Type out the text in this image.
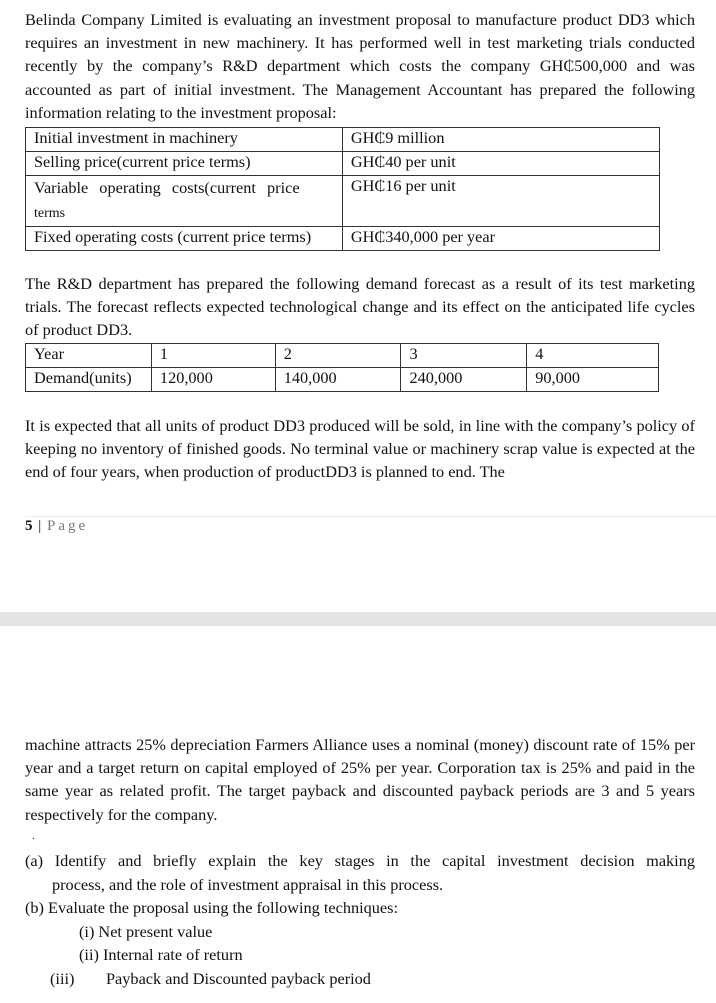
Belinda Company Limited is evaluating an investment proposal to manufacture product DD3 which requires an investment in new machinery. It has performed well in test marketing trials conducted recently by the company’s R&D department which costs the company GH₵500,000 and was accounted as part of initial investment. The Management Accountant has prepared the following information relating to the investment proposal:

Initial investment in machinery	GH₵9 million
Selling price(current price terms)	GH₵40 per unit
Variable operating costs(current price
terms	GH₵16 per unit
Fixed operating costs (current price terms)	GH₵340,000 per year

The R&D department has prepared the following demand forecast as a result of its test marketing trials. The forecast reflects expected technological change and its effect on the anticipated life cycles of product DD3.

Year	1	2	3	4
Demand(units)	120,000	140,000	240,000	90,000

It is expected that all units of product DD3 produced will be sold, in line with the company’s policy of keeping no inventory of finished goods. No terminal value or machinery scrap value is expected at the end of four years, when production of productDD3 is planned to end. The

5 | Page

machine attracts 25% depreciation Farmers Alliance uses a nominal (money) discount rate of 15% per year and a target return on capital employed of 25% per year. Corporation tax is 25% and paid in the same year as related profit. The target payback and discounted payback periods are 3 and 5 years respectively for the company.

.
(a) Identify and briefly explain the key stages in the capital investment decision making
process, and the role of investment appraisal in this process.
(b) Evaluate the proposal using the following techniques:
(i) Net present value
(ii) Internal rate of return
(iii) Payback and Discounted payback period
